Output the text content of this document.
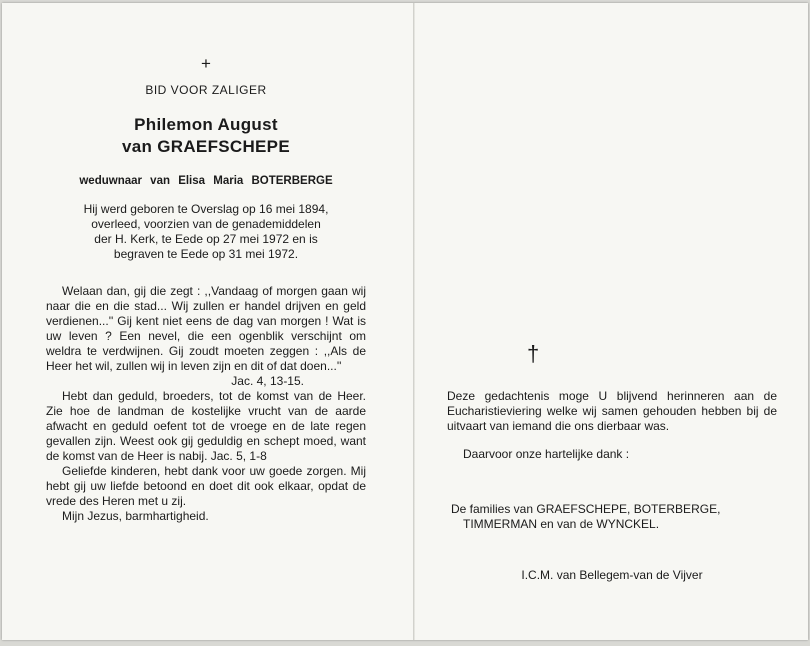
+
BID VOOR ZALIGER
Philemon August
van GRAEFSCHEPE
weduwnaar van Elisa Maria BOTERBERGE
Hij werd geboren te Overslag op 16 mei 1894,
overleed, voorzien van de genademiddelen
der H. Kerk, te Eede op 27 mei 1972 en is
begraven te Eede op 31 mei 1972.

Welaan dan, gij die zegt : ,,Vandaag of morgen gaan wij naar die en die stad... Wij zullen er handel drijven en geld verdienen...'' Gij kent niet eens de dag van morgen ! Wat is uw leven ? Een nevel, die een ogenblik verschijnt om weldra te verdwijnen. Gij zoudt moeten zeggen : ,,Als de Heer het wil, zullen wij in leven zijn en dit of dat doen...''

Jac. 4, 13-15.

Hebt dan geduld, broeders, tot de komst van de Heer. Zie hoe de landman de kostelijke vrucht van de aarde afwacht en geduld oefent tot de vroege en de late regen gevallen zijn. Weest ook gij geduldig en schept moed, want de komst van de Heer is nabij. Jac. 5, 1-8

Geliefde kinderen, hebt dank voor uw goede zorgen. Mij hebt gij uw liefde betoond en doet dit ook elkaar, opdat de vrede des Heren met u zij.

Mijn Jezus, barmhartigheid.

†

Deze gedachtenis moge U blijvend herinneren aan de Eucharistieviering welke wij samen gehouden hebben bij de uitvaart van iemand die ons dierbaar was.

Daarvoor onze hartelijke dank :
De families van GRAEFSCHEPE, BOTERBERGE,
TIMMERMAN en van de WYNCKEL.
I.C.M. van Bellegem-van de Vijver
